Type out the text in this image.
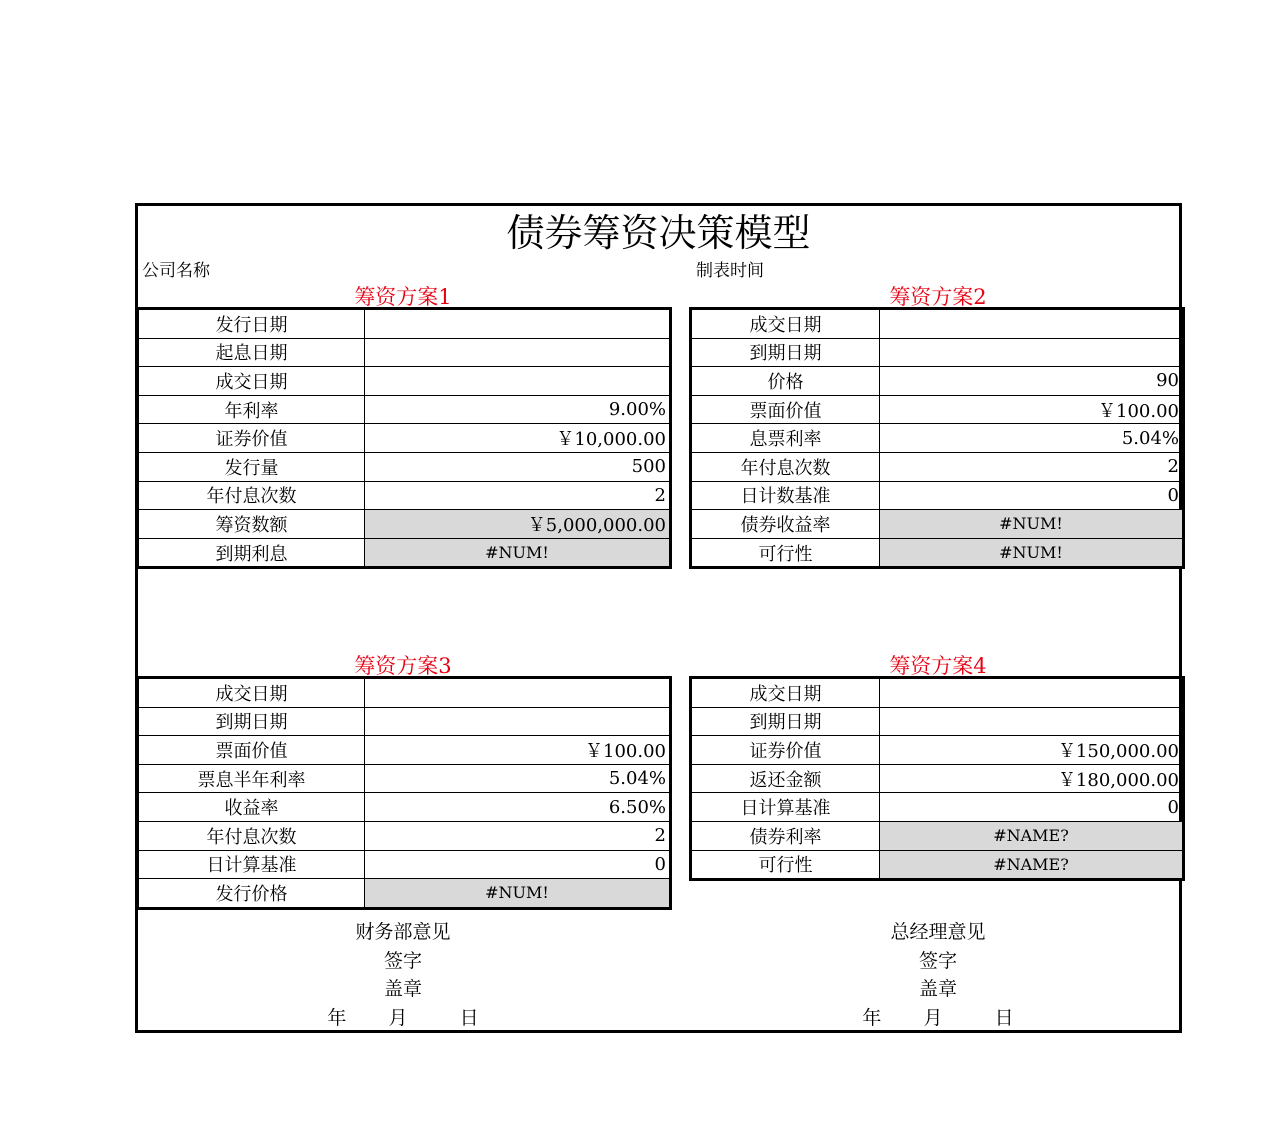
债券筹资决策模型
公司名称	制表时间
筹资方案1
发行日期	
起息日期	
成交日期	
年利率	9.00%
证券价值	￥10,000.00
发行量	500
年付息次数	2
筹资数额	￥5,000,000.00
到期利息	#NUM!
筹资方案2
成交日期	
到期日期	
价格	90
票面价值	￥100.00
息票利率	5.04%
年付息次数	2
日计数基准	0
债券收益率	#NUM!
可行性	#NUM!
筹资方案3
成交日期	
到期日期	
票面价值	￥100.00
票息半年利率	5.04%
收益率	6.50%
年付息次数	2
日计算基准	0
发行价格	#NUM!
筹资方案4
成交日期	
到期日期	
证券价值	￥150,000.00
返还金额	￥180,000.00
日计算基准	0
债券利率	#NAME?
可行性	#NAME?
财务部意见
签字
盖章
年 月	日
总经理意见
签字
盖章
年 月	日
